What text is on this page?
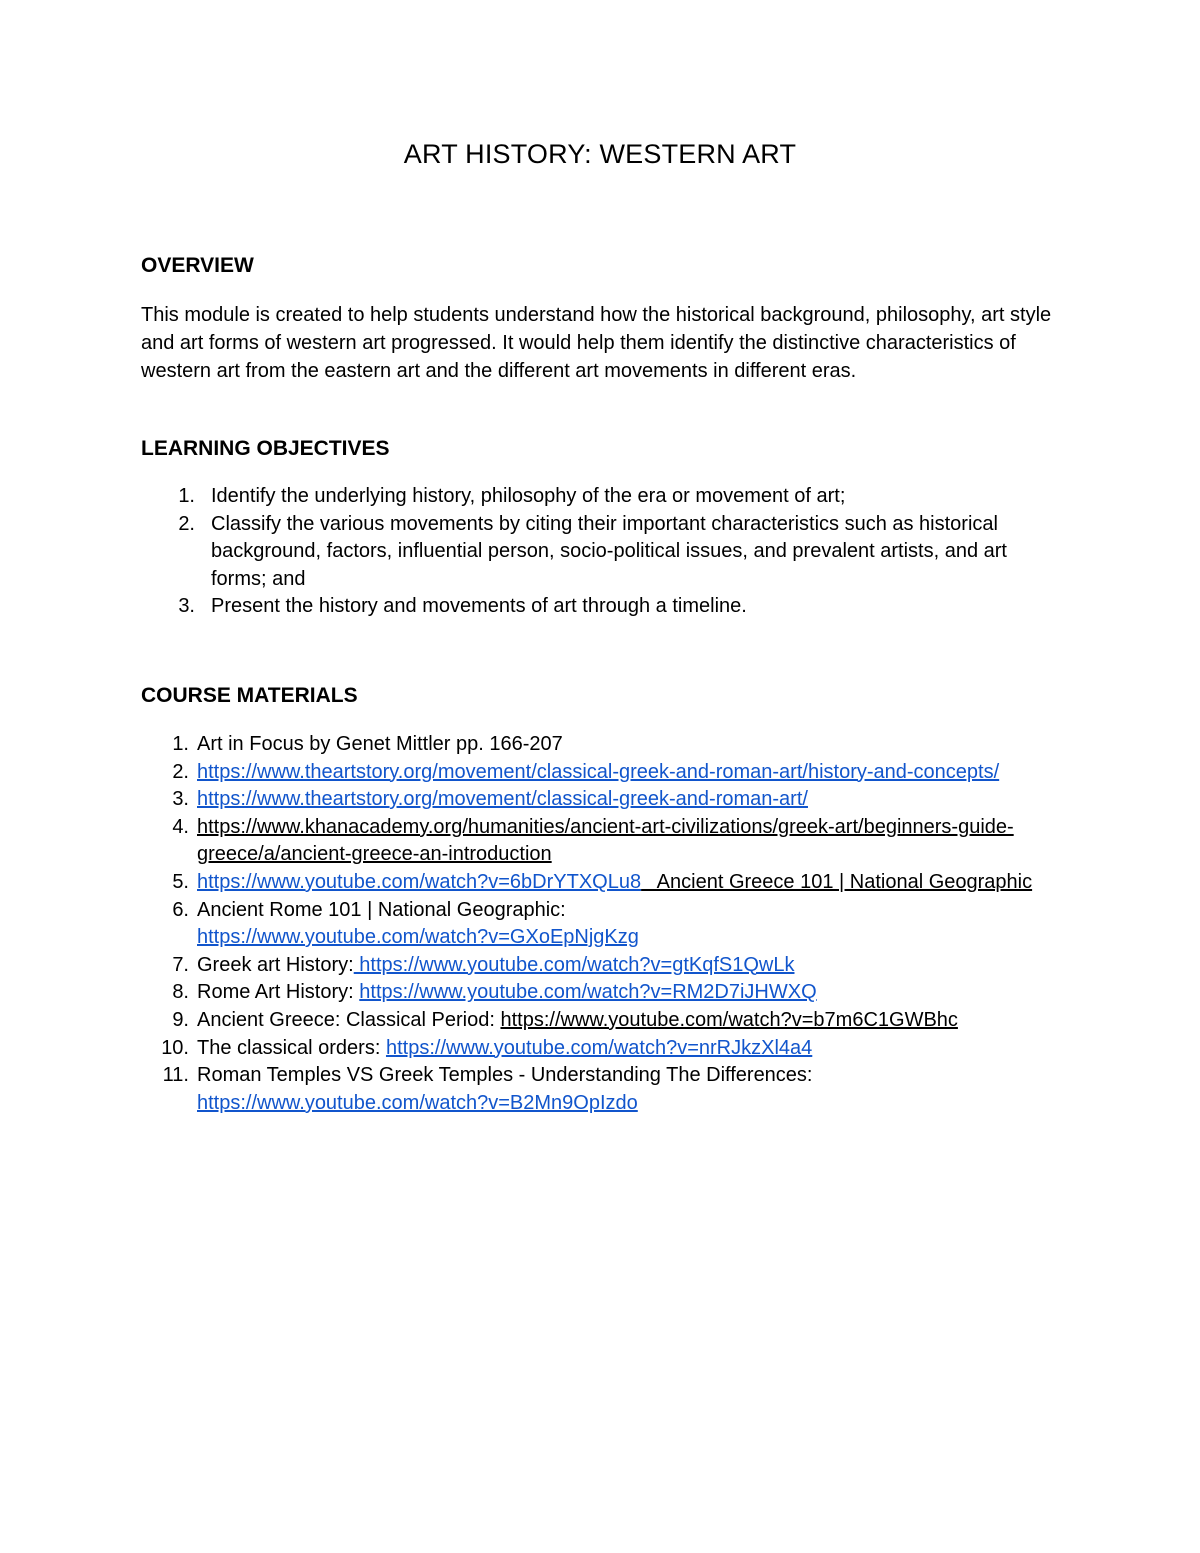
ART HISTORY: WESTERN ART
OVERVIEW
This module is created to help students understand how the historical background, philosophy, art style and art forms of western art progressed. It would help them identify the distinctive characteristics of western art from the eastern art and the different art movements in different eras.
LEARNING OBJECTIVES
1. Identify the underlying history, philosophy of the era or movement of art;
2. Classify the various movements by citing their important characteristics such as historical background, factors, influential person, socio-political issues, and prevalent artists, and art forms; and
3. Present the history and movements of art through a timeline.
COURSE MATERIALS
1. Art in Focus by Genet Mittler pp. 166-207
2. https://www.theartstory.org/movement/classical-greek-and-roman-art/history-and-concepts/
3. https://www.theartstory.org/movement/classical-greek-and-roman-art/
4. https://www.khanacademy.org/humanities/ancient-art-civilizations/greek-art/beginners-guide-greece/a/ancient-greece-an-introduction
5. https://www.youtube.com/watch?v=6bDrYTXQLu8   Ancient Greece 101 | National Geographic
6. Ancient Rome 101 | National Geographic:
https://www.youtube.com/watch?v=GXoEpNjgKzg
7. Greek art History: https://www.youtube.com/watch?v=gtKqfS1QwLk
8. Rome Art History: https://www.youtube.com/watch?v=RM2D7iJHWXQ
9. Ancient Greece: Classical Period: https://www.youtube.com/watch?v=b7m6C1GWBhc
10. The classical orders: https://www.youtube.com/watch?v=nrRJkzXl4a4
11. Roman Temples VS Greek Temples - Understanding The Differences:
https://www.youtube.com/watch?v=B2Mn9OpIzdo
